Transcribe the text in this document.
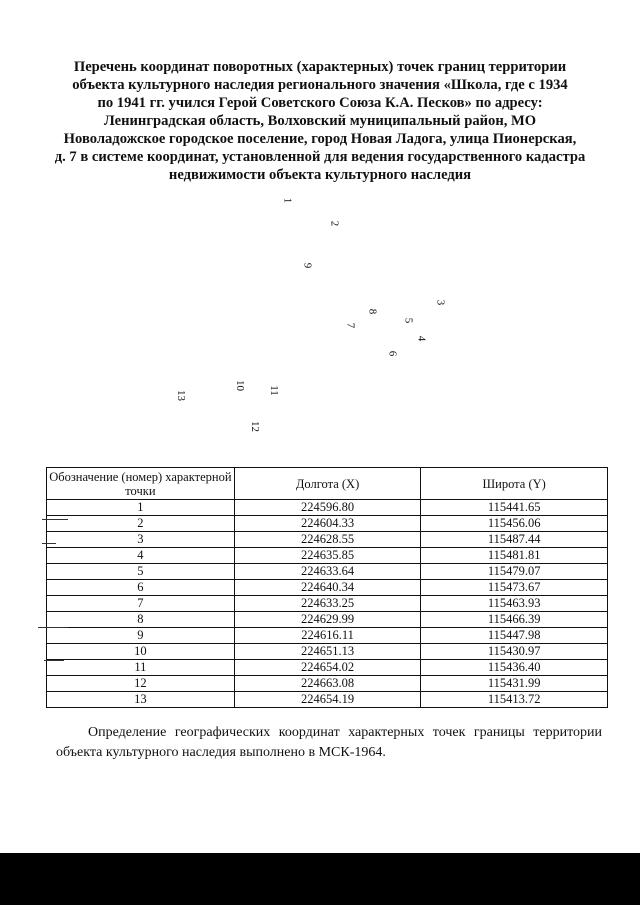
Перечень координат поворотных (характерных) точек границ территории
объекта культурного наследия регионального значения «Школа, где с 1934
по 1941 гг. учился Герой Советского Союза К.А. Песков» по адресу:
Ленинградская область, Волховский муниципальный район, МО
Новоладожское городское поселение, город Новая Ладога, улица Пионерская,
д. 7 в системе координат, установленной для ведения государственного кадастра
недвижимости объекта культурного наследия
1
2
3
4
5
6
7
8
9
10 11
12
13
Обозначение (номер) характерной точки	Долгота (X)	Широта (Y)
1	224596.80	115441.65
2	224604.33	115456.06
3	224628.55	115487.44
4	224635.85	115481.81
5	224633.64	115479.07
6	224640.34	115473.67
7	224633.25	115463.93
8	224629.99	115466.39
9	224616.11	115447.98
10	224651.13	115430.97
11	224654.02	115436.40
12	224663.08	115431.99
13	224654.19	115413.72
Определение географических координат характерных точек границы территории объекта культурного наследия выполнено в МСК-1964.
